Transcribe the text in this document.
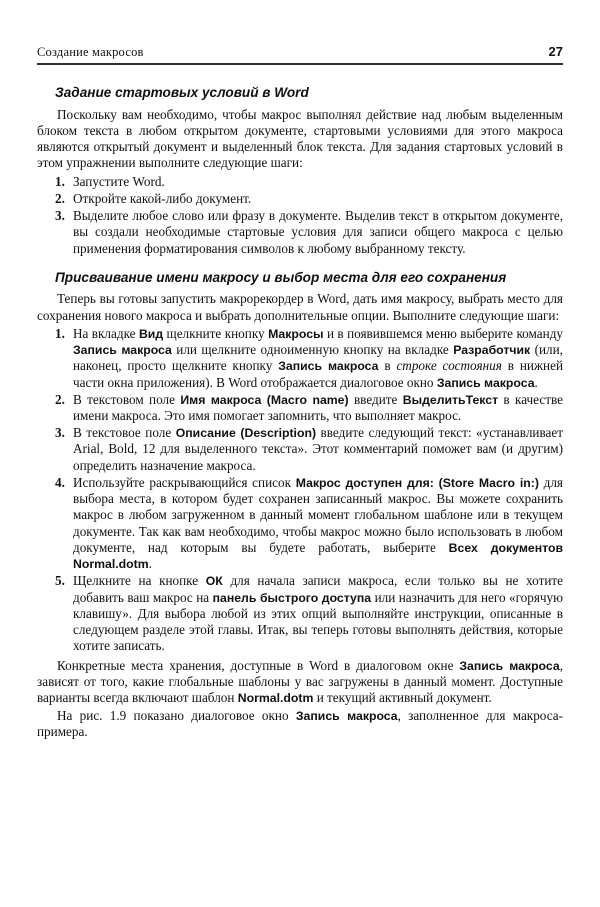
Создание макросов	27
Задание стартовых условий в Word

Поскольку вам необходимо, чтобы макрос выполнял действие над любым выделенным блоком текста в любом открытом документе, стартовыми условиями для этого макроса являются открытый документ и выделенный блок текста. Для задания стартовых условий в этом упражнении выполните следующие шаги:

1. Запустите Word.
2. Откройте какой-либо документ.
3. Выделите любое слово или фразу в документе. Выделив текст в открытом документе, вы создали необходимые стартовые условия для записи общего макроса с целью применения форматирования символов к любому выбранному тексту.
Присваивание имени макросу и выбор места для его сохранения

Теперь вы готовы запустить макрорекордер в Word, дать имя макросу, выбрать место для сохранения нового макроса и выбрать дополнительные опции. Выполните следующие шаги:

1. На вкладке Вид щелкните кнопку Макросы и в появившемся меню выберите команду Запись макроса или щелкните одноименную кнопку на вкладке Разработчик (или, наконец, просто щелкните кнопку Запись макроса в строке состояния в нижней части окна приложения). В Word отображается диалоговое окно Запись макроса.
2. В текстовом поле Имя макроса (Macro name) введите ВыделитьТекст в качестве имени макроса. Это имя помогает запомнить, что выполняет макрос.
3. В текстовое поле Описание (Description) введите следующий текст: «устанавливает Arial, Bold, 12 для выделенного текста». Этот комментарий поможет вам (и другим) определить назначение макроса.
4. Используйте раскрывающийся список Макрос доступен для: (Store Macro in:) для выбора места, в котором будет сохранен записанный макрос. Вы можете сохранить макрос в любом загруженном в данный момент глобальном шаблоне или в текущем документе. Так как вам необходимо, чтобы макрос можно было использовать в любом документе, над которым вы будете работать, выберите Всех документов Normal.dotm.
5. Щелкните на кнопке ОК для начала записи макроса, если только вы не хотите добавить ваш макрос на панель быстрого доступа или назначить для него «горячую клавишу». Для выбора любой из этих опций выполняйте инструкции, описанные в следующем разделе этой главы. Итак, вы теперь готовы выполнять действия, которые хотите записать.

Конкретные места хранения, доступные в Word в диалоговом окне Запись макроса, зависят от того, какие глобальные шаблоны у вас загружены в данный момент. Доступные варианты всегда включают шаблон Normal.dotm и текущий активный документ.

На рис. 1.9 показано диалоговое окно Запись макроса, заполненное для макроса-примера.
